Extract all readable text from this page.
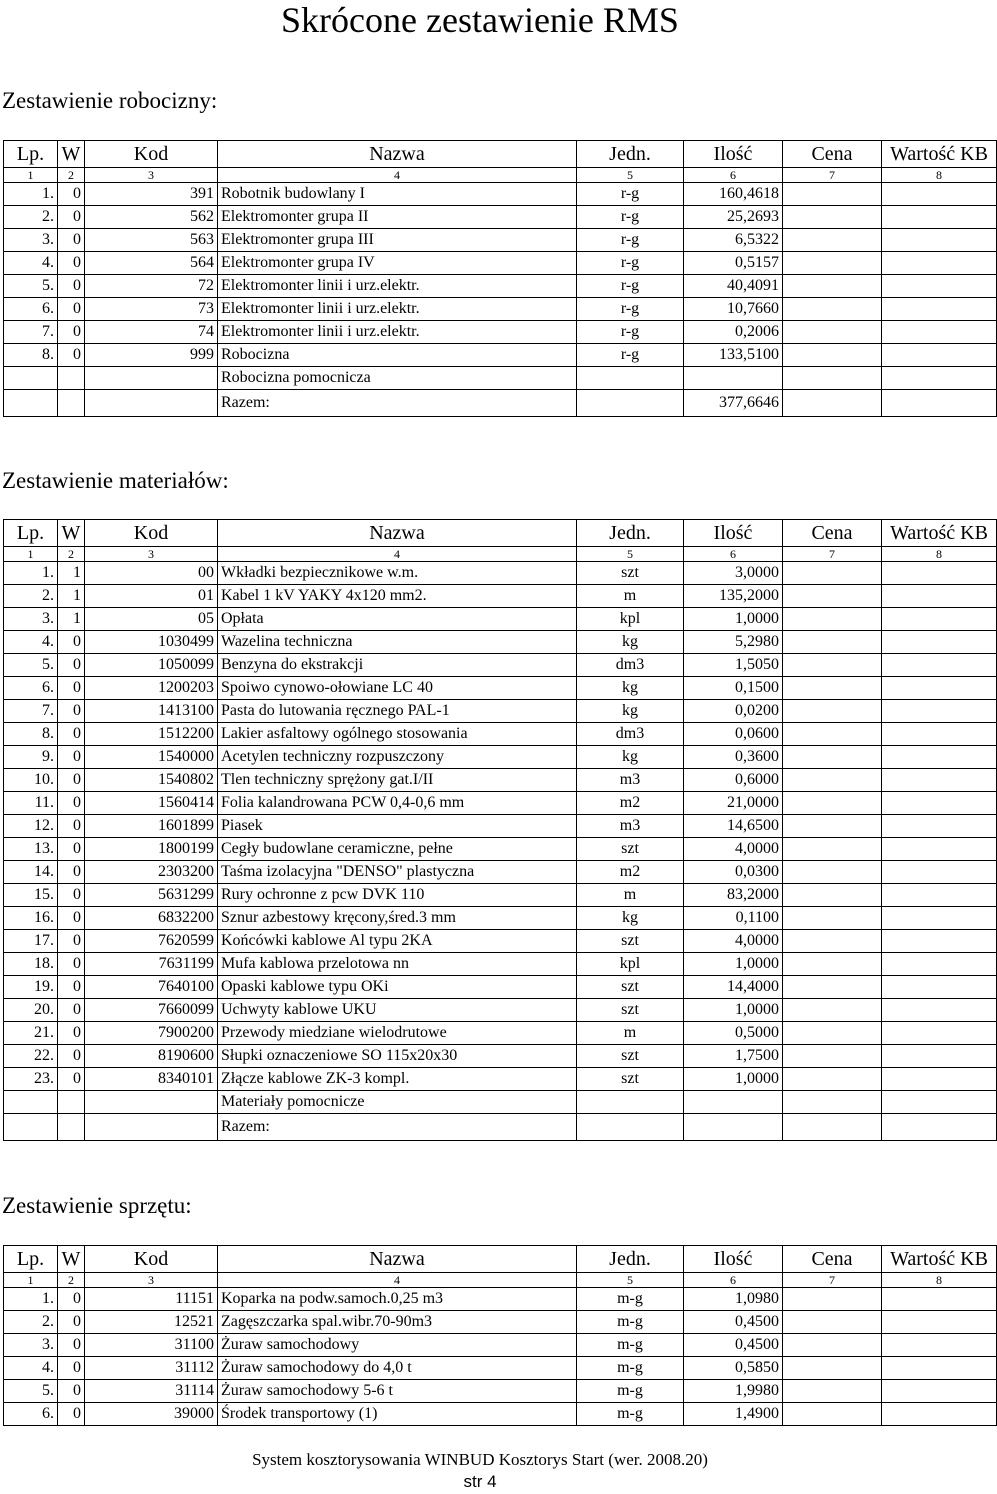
Skrócone zestawienie RMS
Zestawienie robocizny:
Lp.	W	Kod	Nazwa	Jedn.	Ilość	Cena	Wartość KB
1	2	3	4	5	6	7	8
1.	0	391	Robotnik budowlany I	r-g	160,4618		
2.	0	562	Elektromonter grupa II	r-g	25,2693		
3.	0	563	Elektromonter grupa III	r-g	6,5322		
4.	0	564	Elektromonter grupa IV	r-g	0,5157		
5.	0	72	Elektromonter linii i urz.elektr.	r-g	40,4091		
6.	0	73	Elektromonter linii i urz.elektr.	r-g	10,7660		
7.	0	74	Elektromonter linii i urz.elektr.	r-g	0,2006		
8.	0	999	Robocizna	r-g	133,5100		
			Robocizna pomocnicza				
			Razem:		377,6646		
Zestawienie materiałów:
Lp.	W	Kod	Nazwa	Jedn.	Ilość	Cena	Wartość KB
1	2	3	4	5	6	7	8
1.	1	00	Wkładki bezpiecznikowe w.m.	szt	3,0000		
2.	1	01	Kabel 1 kV YAKY 4x120 mm2.	m	135,2000		
3.	1	05	Opłata	kpl	1,0000		
4.	0	1030499	Wazelina techniczna	kg	5,2980		
5.	0	1050099	Benzyna do ekstrakcji	dm3	1,5050		
6.	0	1200203	Spoiwo cynowo-ołowiane LC 40	kg	0,1500		
7.	0	1413100	Pasta do lutowania ręcznego PAL-1	kg	0,0200		
8.	0	1512200	Lakier asfaltowy ogólnego stosowania	dm3	0,0600		
9.	0	1540000	Acetylen techniczny rozpuszczony	kg	0,3600		
10.	0	1540802	Tlen techniczny sprężony gat.I/II	m3	0,6000		
11.	0	1560414	Folia kalandrowana PCW 0,4-0,6 mm	m2	21,0000		
12.	0	1601899	Piasek	m3	14,6500		
13.	0	1800199	Cegły budowlane ceramiczne, pełne	szt	4,0000		
14.	0	2303200	Taśma izolacyjna "DENSO" plastyczna	m2	0,0300		
15.	0	5631299	Rury ochronne z pcw DVK 110	m	83,2000		
16.	0	6832200	Sznur azbestowy kręcony,śred.3 mm	kg	0,1100		
17.	0	7620599	Końcówki kablowe Al typu 2KA	szt	4,0000		
18.	0	7631199	Mufa kablowa przelotowa nn	kpl	1,0000		
19.	0	7640100	Opaski kablowe typu OKi	szt	14,4000		
20.	0	7660099	Uchwyty kablowe UKU	szt	1,0000		
21.	0	7900200	Przewody miedziane wielodrutowe	m	0,5000		
22.	0	8190600	Słupki oznaczeniowe SO 115x20x30	szt	1,7500		
23.	0	8340101	Złącze kablowe ZK-3 kompl.	szt	1,0000		
			Materiały pomocnicze				
			Razem:				
Zestawienie sprzętu:
Lp.	W	Kod	Nazwa	Jedn.	Ilość	Cena	Wartość KB
1	2	3	4	5	6	7	8
1.	0	11151	Koparka na podw.samoch.0,25 m3	m-g	1,0980		
2.	0	12521	Zagęszczarka spal.wibr.70-90m3	m-g	0,4500		
3.	0	31100	Żuraw samochodowy	m-g	0,4500		
4.	0	31112	Żuraw samochodowy do 4,0 t	m-g	0,5850		
5.	0	31114	Żuraw samochodowy 5-6 t	m-g	1,9980		
6.	0	39000	Środek transportowy (1)	m-g	1,4900		
System kosztorysowania WINBUD Kosztorys Start (wer. 2008.20)
str 4
